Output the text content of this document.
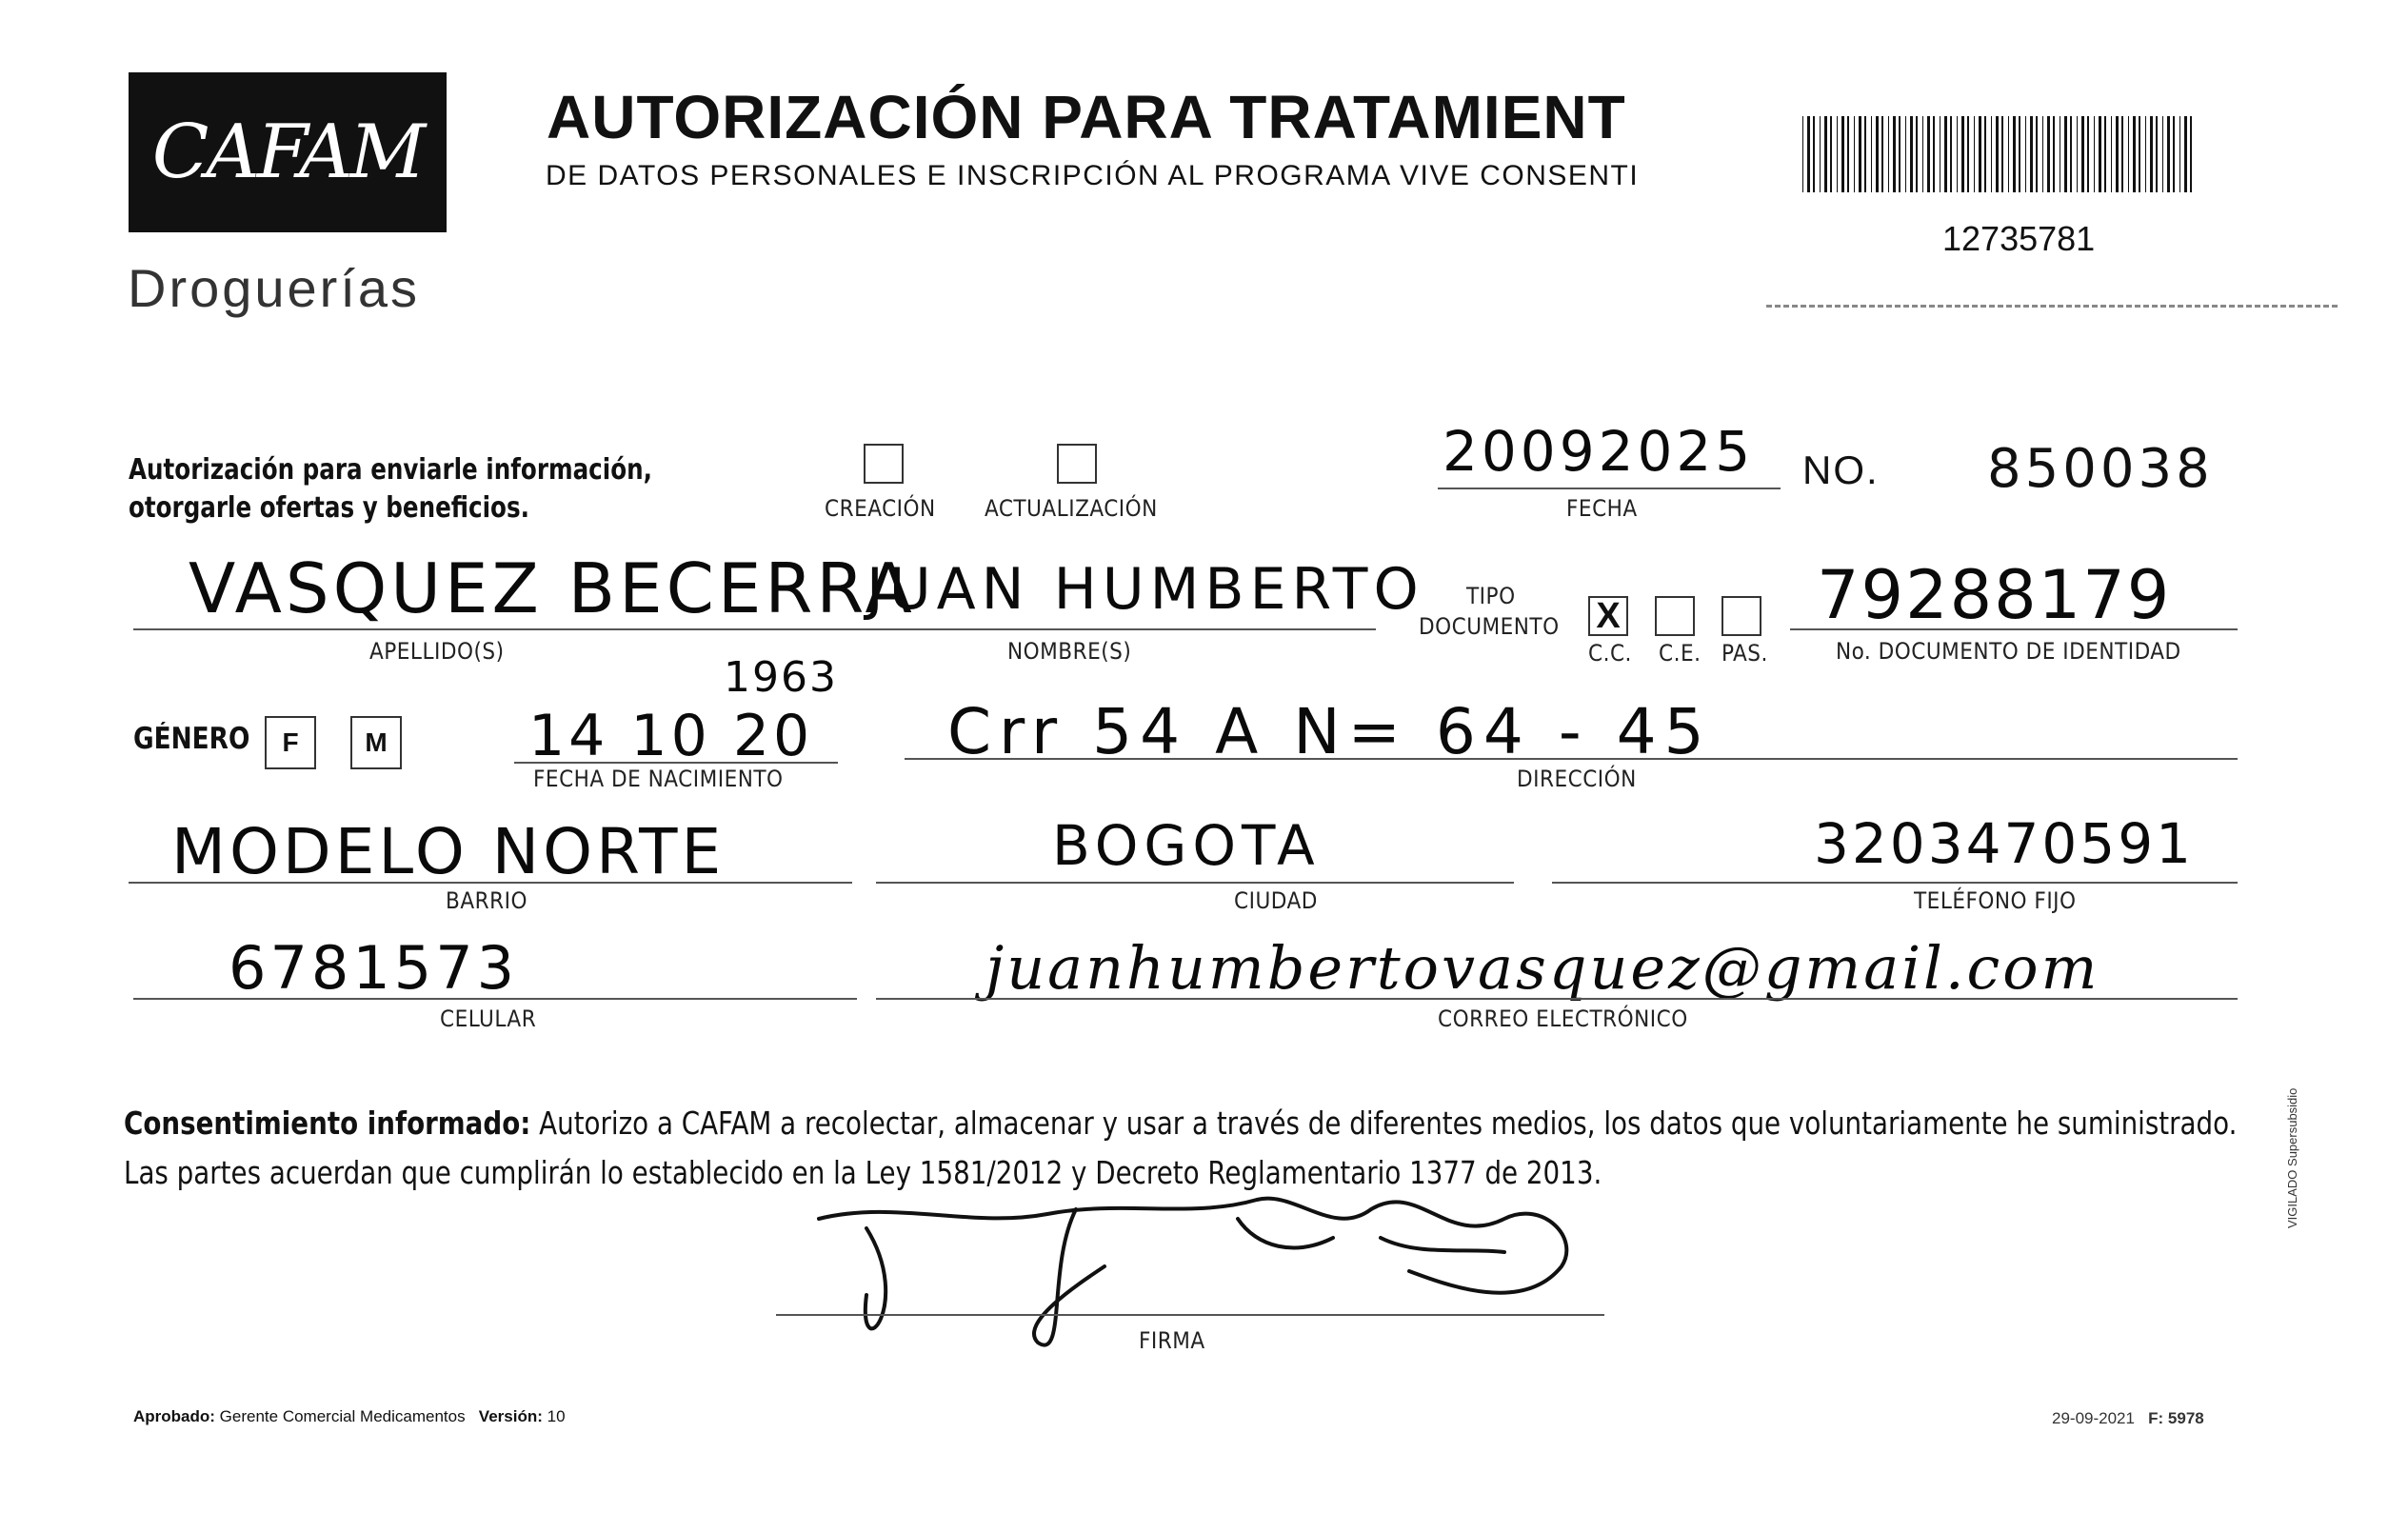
CAFAM
Droguerías
AUTORIZACIÓN PARA TRATAMIENT
DE DATOS PERSONALES E INSCRIPCIÓN AL PROGRAMA VIVE CONSENTI
12735781
Autorización para enviarle información,
otorgarle ofertas y beneficios.	CREACIÓN ACTUALIZACIÓN
20092025
FECHA
NO. 850038
VASQUEZ BECERRA
APELLIDO(S)
JUAN HUMBERTO
NOMBRE(S)
TIPO
DOCUMENTO X
C.C. C.E. PAS.
79288179
No. DOCUMENTO DE IDENTIDAD
GÉNERO F M
1963
14 10 20
FECHA DE NACIMIENTO
Crr 54 A N= 64 - 45
DIRECCIÓN
MODELO NORTE
BARRIO
BOGOTA
CIUDAD
3203470591
TELÉFONO FIJO
6781573
CELULAR
juanhumbertovasquez@gmail.com
CORREO ELECTRÓNICO
Consentimiento informado: Autorizo a CAFAM a recolectar, almacenar y usar a través de diferentes medios, los datos que voluntariamente he suministrado.
Las partes acuerdan que cumplirán lo establecido en la Ley 1581/2012 y Decreto Reglamentario 1377 de 2013.
FIRMA
Aprobado: Gerente Comercial Medicamentos Versión: 10	29-09-2021 F: 5978
VIGILADO Supersubsidio
